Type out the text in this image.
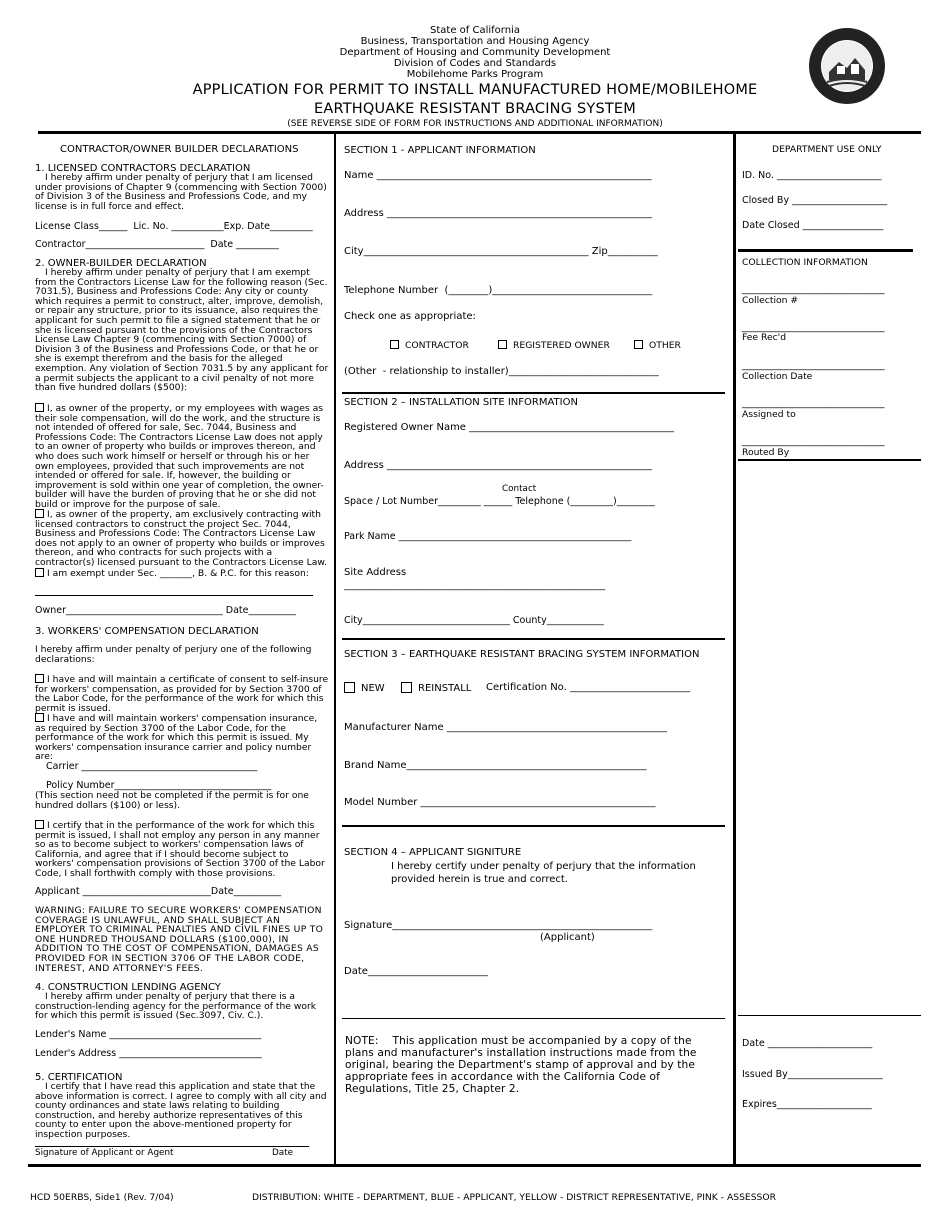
State of California
Business, Transportation and Housing Agency
Department of Housing and Community Development
Division of Codes and Standards
Mobilehome Parks Program
APPLICATION FOR PERMIT TO INSTALL MANUFACTURED HOME/MOBILEHOME
EARTHQUAKE RESISTANT BRACING SYSTEM
(SEE REVERSE SIDE OF FORM FOR INSTRUCTIONS AND ADDITIONAL INFORMATION)
CONTRACTOR/OWNER BUILDER DECLARATIONS
1. LICENSED CONTRACTORS DECLARATION
I hereby affirm under penalty of perjury that I am licensed under provisions of Chapter 9 (commencing with Section 7000) of Division 3 of the Business and Professions Code, and my license is in full force and effect.
License Class______  Lic. No. ___________Exp. Date_________
Contractor_________________________  Date _________
2. OWNER-BUILDER DECLARATION
I hereby affirm under penalty of perjury that I am exempt from the Contractors License Law for the following reason (Sec. 7031.5), Business and Professions Code: Any city or county which requires a permit to construct, alter, improve, demolish, or repair any structure, prior to its issuance, also requires the applicant for such permit to file a signed statement that he or she is licensed pursuant to the provisions of the Contractors License Law Chapter 9 (commencing with Section 7000) of Division 3 of the Business and Professions Code, or that he or she is exempt therefrom and the basis for the alleged exemption. Any violation of Section 7031.5 by any applicant for a permit subjects the applicant to a civil penalty of not more than five hundred dollars ($500):
I, as owner of the property, or my employees with wages as their sole compensation, will do the work, and the structure is not intended of offered for sale, Sec. 7044, Business and Professions Code: The Contractors License Law does not apply to an owner of property who builds or improves thereon, and who does such work himself or herself or through his or her own employees, provided that such improvements are not intended or offered for sale. If, however, the building or improvement is sold within one year of completion, the owner-builder will have the burden of proving that he or she did not build or improve for the purpose of sale.
I, as owner of the property, am exclusively contracting with licensed contractors to construct the project Sec. 7044, Business and Professions Code: The Contractors License Law does not apply to an owner of property who builds or improves thereon, and who contracts for such projects with a contractor(s) licensed pursuant to the Contractors License Law.
I am exempt under Sec. _______, B. & P.C. for this reason:
Owner_________________________________ Date__________
3. WORKERS' COMPENSATION DECLARATION
I hereby affirm under penalty of perjury one of the following declarations:
I have and will maintain a certificate of consent to self-insure for workers' compensation, as provided for by Section 3700 of the Labor Code, for the performance of the work for which this permit is issued.
I have and will maintain workers' compensation insurance, as required by Section 3700 of the Labor Code, for the performance of the work for which this permit is issued. My workers' compensation insurance carrier and policy number are:
Carrier _____________________________________
Policy Number_________________________________
(This section need not be completed if the permit is for one hundred dollars ($100) or less).
I certify that in the performance of the work for which this permit is issued, I shall not employ any person in any manner so as to become subject to workers' compensation laws of California, and agree that if I should become subject to workers' compensation provisions of Section 3700 of the Labor Code, I shall forthwith comply with those provisions.
Applicant ___________________________Date__________
WARNING: FAILURE TO SECURE WORKERS' COMPENSATION COVERAGE IS UNLAWFUL, AND SHALL SUBJECT AN EMPLOYER TO CRIMINAL PENALTIES AND CIVIL FINES UP TO ONE HUNDRED THOUSAND DOLLARS ($100,000), IN ADDITION TO THE COST OF COMPENSATION, DAMAGES AS PROVIDED FOR IN SECTION 3706 OF THE LABOR CODE, INTEREST, AND ATTORNEY'S FEES.
4. CONSTRUCTION LENDING AGENCY
I hereby affirm under penalty of perjury that there is a construction-lending agency for the performance of the work for which this permit is issued (Sec.3097, Civ. C.).
Lender's Name ________________________________
Lender's Address ______________________________
5. CERTIFICATION
I certify that I have read this application and state that the above information is correct. I agree to comply with all city and county ordinances and state laws relating to building construction, and hereby authorize representatives of this county to enter upon the above-mentioned property for inspection purposes.
Signature of Applicant or Agent	Date
SECTION 1 - APPLICANT INFORMATION
Name _______________________________________________________
Address _____________________________________________________
City_____________________________________________ Zip__________
Telephone Number  (________)________________________________
Check one as appropriate:
CONTRACTOR	REGISTERED OWNER	OTHER
(Other  - relationship to installer)______________________________
SECTION 2 – INSTALLATION SITE INFORMATION
Registered Owner Name _________________________________________
Address _____________________________________________________
Contact
Space / Lot Number_________ ______ Telephone (_________)________
Park Name _________________________________________________
Site Address
_______________________________________________________
City_______________________________ County____________
SECTION 3 – EARTHQUAKE RESISTANT BRACING SYSTEM INFORMATION
NEW	REINSTALL Certification No. ________________________
Manufacturer Name ____________________________________________
Brand Name________________________________________________
Model Number _______________________________________________
SECTION 4 – APPLICANT SIGNITURE
I hereby certify under penalty of perjury that the information provided herein is true and correct.
Signature____________________________________________________
(Applicant)
Date________________________
NOTE: This application must be accompanied by a copy of the plans and manufacturer's installation instructions made from the original, bearing the Department's stamp of approval and by the appropriate fees in accordance with the California Code of Regulations, Title 25, Chapter 2.
DEPARTMENT USE ONLY
ID. No. ______________________
Closed By ____________________
Date Closed _________________
COLLECTION INFORMATION
______________________________
Collection #
______________________________
Fee Rec'd
______________________________
Collection Date
______________________________
Assigned to
______________________________
Routed By
Date ______________________
Issued By____________________
Expires____________________
HCD 50ERBS, Side1 (Rev. 7/04)	DISTRIBUTION: WHITE - DEPARTMENT, BLUE - APPLICANT, YELLOW - DISTRICT REPRESENTATIVE, PINK - ASSESSOR
